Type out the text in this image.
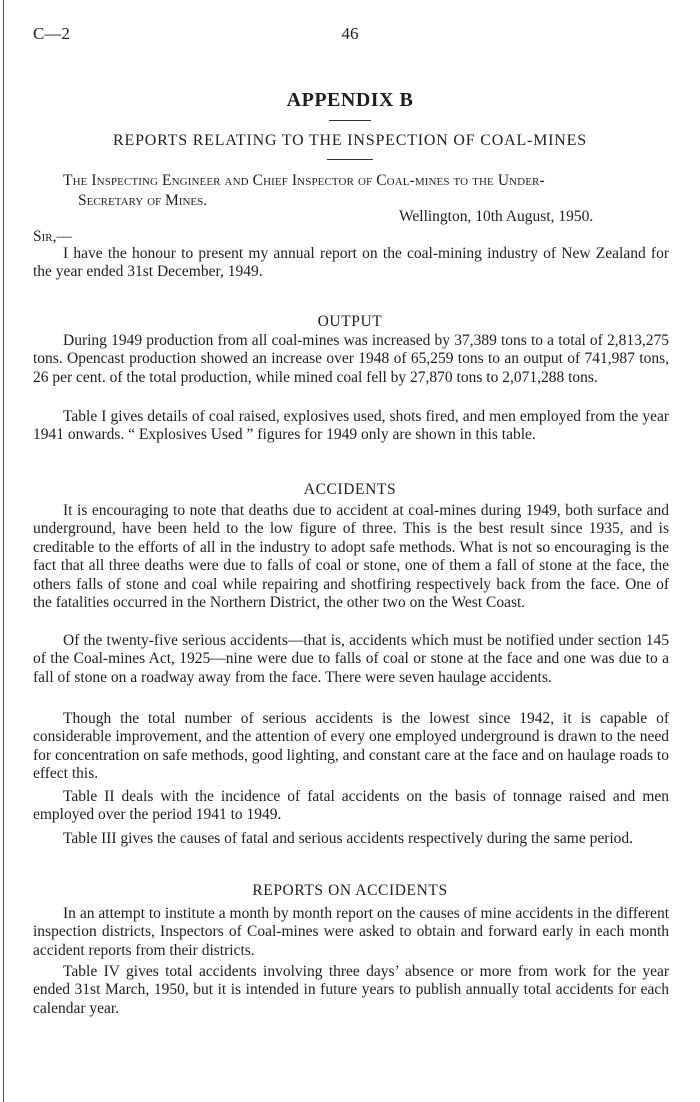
C—2	46
APPENDIX B
REPORTS RELATING TO THE INSPECTION OF COAL-MINES
The Inspecting Engineer and Chief Inspector of Coal-mines to the Under-
Secretary of Mines.
Wellington, 10th August, 1950.
Sir,—

I have the honour to present my annual report on the coal-mining industry of New Zealand for the year ended 31st December, 1949.

OUTPUT

During 1949 production from all coal-mines was increased by 37,389 tons to a total of 2,813,275 tons. Opencast production showed an increase over 1948 of 65,259 tons to an output of 741,987 tons, 26 per cent. of the total production, while mined coal fell by 27,870 tons to 2,071,288 tons.

Table I gives details of coal raised, explosives used, shots fired, and men employed from the year 1941 onwards. “ Explosives Used ” figures for 1949 only are shown in this table.

ACCIDENTS

It is encouraging to note that deaths due to accident at coal-mines during 1949, both surface and underground, have been held to the low figure of three. This is the best result since 1935, and is creditable to the efforts of all in the industry to adopt safe methods. What is not so encouraging is the fact that all three deaths were due to falls of coal or stone, one of them a fall of stone at the face, the others falls of stone and coal while repairing and shotfiring respectively back from the face. One of the fatalities occurred in the Northern District, the other two on the West Coast.

Of the twenty-five serious accidents—that is, accidents which must be notified under section 145 of the Coal-mines Act, 1925—nine were due to falls of coal or stone at the face and one was due to a fall of stone on a roadway away from the face. There were seven haulage accidents.

Though the total number of serious accidents is the lowest since 1942, it is capable of considerable improvement, and the attention of every one employed underground is drawn to the need for concentration on safe methods, good lighting, and constant care at the face and on haulage roads to effect this.

Table II deals with the incidence of fatal accidents on the basis of tonnage raised and men employed over the period 1941 to 1949.

Table III gives the causes of fatal and serious accidents respectively during the same period.

REPORTS ON ACCIDENTS

In an attempt to institute a month by month report on the causes of mine accidents in the different inspection districts, Inspectors of Coal-mines were asked to obtain and forward early in each month accident reports from their districts.

Table IV gives total accidents involving three days’ absence or more from work for the year ended 31st March, 1950, but it is intended in future years to publish annually total accidents for each calendar year.
